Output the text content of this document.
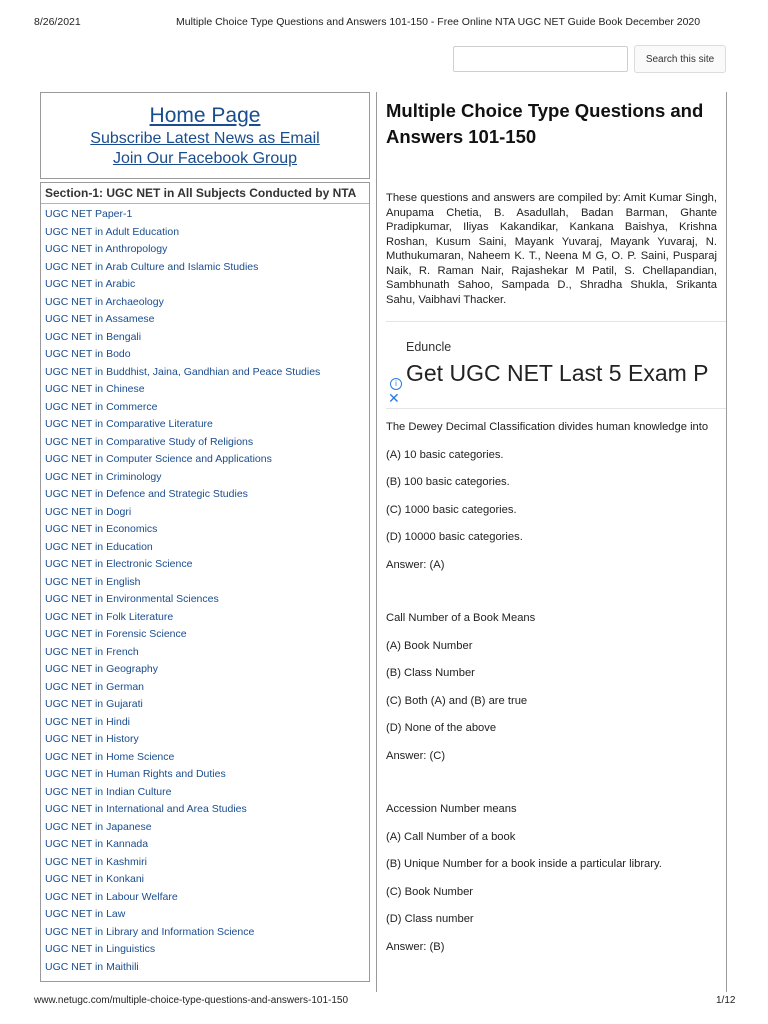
8/26/2021	Multiple Choice Type Questions and Answers 101-150 - Free Online NTA UGC NET Guide Book December 2020
Search this site
Home Page
Subscribe Latest News as Email
Join Our Facebook Group
Section-1: UGC NET in All Subjects Conducted by NTA
UGC NET Paper-1
UGC NET in Adult Education
UGC NET in Anthropology
UGC NET in Arab Culture and Islamic Studies
UGC NET in Arabic
UGC NET in Archaeology
UGC NET in Assamese
UGC NET in Bengali
UGC NET in Bodo
UGC NET in Buddhist, Jaina, Gandhian and Peace Studies
UGC NET in Chinese
UGC NET in Commerce
UGC NET in Comparative Literature
UGC NET in Comparative Study of Religions
UGC NET in Computer Science and Applications
UGC NET in Criminology
UGC NET in Defence and Strategic Studies
UGC NET in Dogri
UGC NET in Economics
UGC NET in Education
UGC NET in Electronic Science
UGC NET in English
UGC NET in Environmental Sciences
UGC NET in Folk Literature
UGC NET in Forensic Science
UGC NET in French
UGC NET in Geography
UGC NET in German
UGC NET in Gujarati
UGC NET in Hindi
UGC NET in History
UGC NET in Home Science
UGC NET in Human Rights and Duties
UGC NET in Indian Culture
UGC NET in International and Area Studies
UGC NET in Japanese
UGC NET in Kannada
UGC NET in Kashmiri
UGC NET in Konkani
UGC NET in Labour Welfare
UGC NET in Law
UGC NET in Library and Information Science
UGC NET in Linguistics
UGC NET in Maithili
Multiple Choice Type Questions and Answers 101-150

These questions and answers are compiled by: Amit Kumar Singh, Anupama Chetia, B. Asadullah, Badan Barman, Ghante Pradipkumar, Iliyas Kakandikar, Kankana Baishya, Krishna Roshan, Kusum Saini, Mayank Yuvaraj, Mayank Yuvaraj, N. Muthukumaran, Naheem K. T., Neena M G, O. P. Saini, Pusparaj Naik, R. Raman Nair, Rajashekar M Patil, S. Chellapandian, Sambhunath Sahoo, Sampada D., Shradha Shukla, Srikanta Sahu, Vaibhavi Thacker.

Eduncle
Get UGC NET Last 5 Exam P
i
✕

The Dewey Decimal Classification divides human knowledge into

(A) 10 basic categories.

(B) 100 basic categories.

(C) 1000 basic categories.

(D) 10000 basic categories.

Answer: (A)

Call Number of a Book Means

(A) Book Number

(B) Class Number

(C) Both (A) and (B) are true

(D) None of the above

Answer: (C)

Accession Number means

(A) Call Number of a book

(B) Unique Number for a book inside a particular library.

(C) Book Number

(D) Class number

Answer: (B)

www.netugc.com/multiple-choice-type-questions-and-answers-101-150	1/12
